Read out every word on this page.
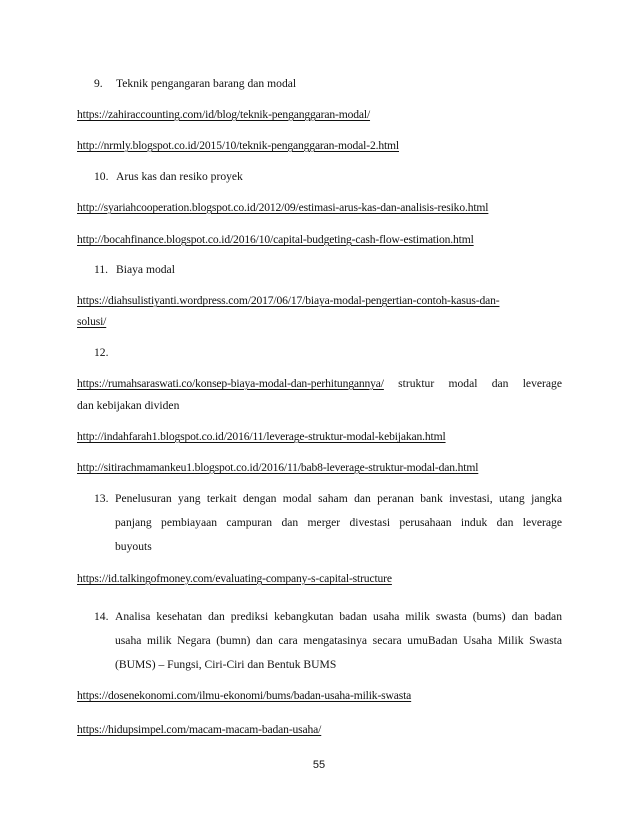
9. Teknik pengangaran barang dan modal
https://zahiraccounting.com/id/blog/teknik-penganggaran-modal/
http://nrmly.blogspot.co.id/2015/10/teknik-penganggaran-modal-2.html
10. Arus kas dan resiko proyek
http://syariahcooperation.blogspot.co.id/2012/09/estimasi-arus-kas-dan-analisis-resiko.html
http://bocahfinance.blogspot.co.id/2016/10/capital-budgeting-cash-flow-estimation.html
11. Biaya modal
https://diahsulistiyanti.wordpress.com/2017/06/17/biaya-modal-pengertian-contoh-kasus-dan-
solusi/
12.
https://rumahsaraswati.co/konsep-biaya-modal-dan-perhitungannya/ struktur modal dan leverage
dan kebijakan dividen
http://indahfarah1.blogspot.co.id/2016/11/leverage-struktur-modal-kebijakan.html
http://sitirachmamankeu1.blogspot.co.id/2016/11/bab8-leverage-struktur-modal-dan.html
13. Penelusuran yang terkait dengan modal saham dan peranan bank investasi, utang jangka
panjang pembiayaan campuran dan merger divestasi perusahaan induk dan leverage
buyouts
https://id.talkingofmoney.com/evaluating-company-s-capital-structure
14. Analisa kesehatan dan prediksi kebangkutan badan usaha milik swasta (bums) dan badan
usaha milik Negara (bumn) dan cara mengatasinya secara umuBadan Usaha Milik Swasta
(BUMS) – Fungsi, Ciri-Ciri dan Bentuk BUMS
https://dosenekonomi.com/ilmu-ekonomi/bums/badan-usaha-milik-swasta
https://hidupsimpel.com/macam-macam-badan-usaha/
55
